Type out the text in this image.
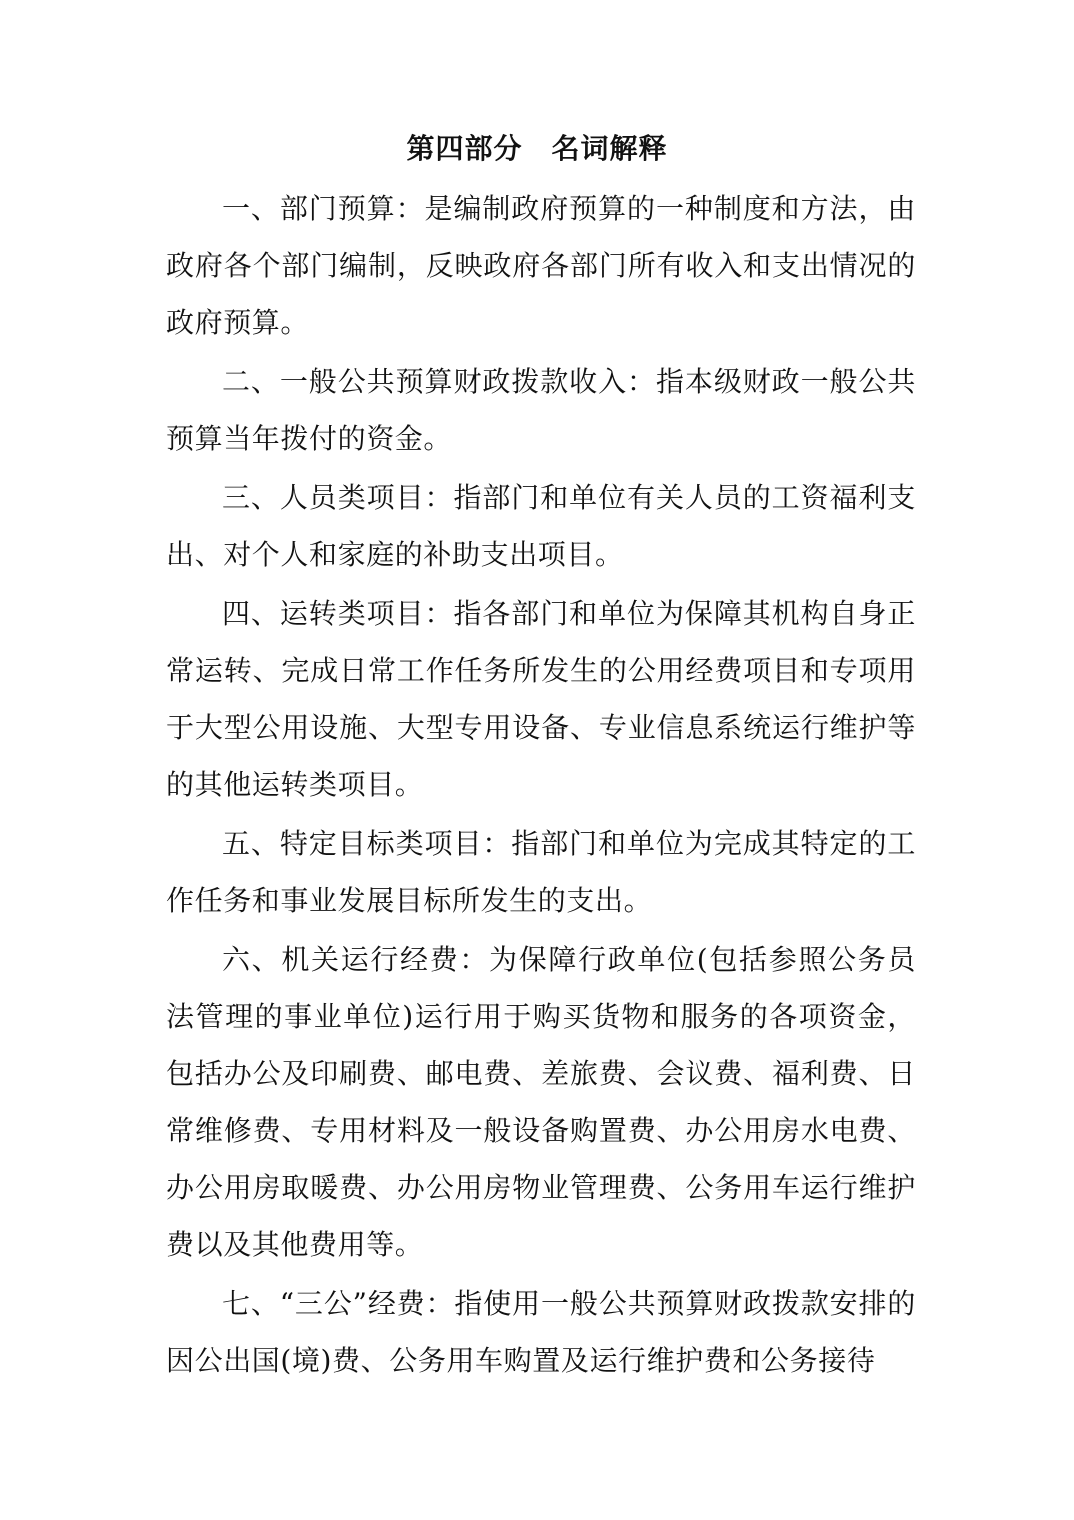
第四部分　名词解释

一、部门预算：是编制政府预算的一种制度和方法，由政府各个部门编制，反映政府各部门所有收入和支出情况的政府预算。

二、一般公共预算财政拨款收入：指本级财政一般公共预算当年拨付的资金。

三、人员类项目：指部门和单位有关人员的工资福利支出、对个人和家庭的补助支出项目。

四、运转类项目：指各部门和单位为保障其机构自身正常运转、完成日常工作任务所发生的公用经费项目和专项用于大型公用设施、大型专用设备、专业信息系统运行维护等的其他运转类项目。

五、特定目标类项目：指部门和单位为完成其特定的工作任务和事业发展目标所发生的支出。

六、机关运行经费：为保障行政单位(包括参照公务员法管理的事业单位)运行用于购买货物和服务的各项资金，包括办公及印刷费、邮电费、差旅费、会议费、福利费、日常维修费、专用材料及一般设备购置费、办公用房水电费、办公用房取暖费、办公用房物业管理费、公务用车运行维护费以及其他费用等。

七、“三公”经费：指使用一般公共预算财政拨款安排的因公出国(境)费、公务用车购置及运行维护费和公务接待
